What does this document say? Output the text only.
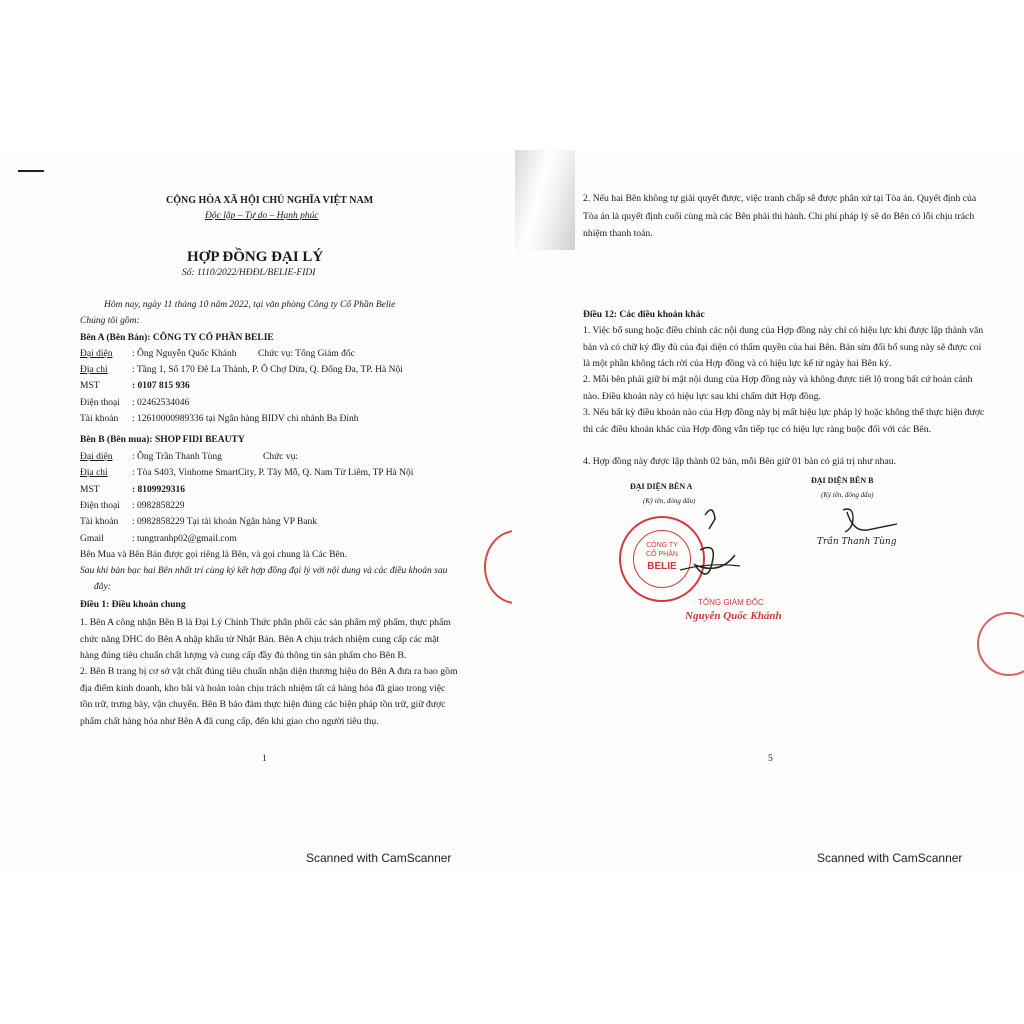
CỘNG HÒA XÃ HỘI CHỦ NGHĨA VIỆT NAM
Độc lập – Tự do – Hạnh phúc
HỢP ĐỒNG ĐẠI LÝ
Số: 1110/2022/HĐĐL/BELIE-FIDI
Hôm nay, ngày 11 tháng 10 năm 2022, tại văn phòng Công ty Cổ Phần Belie
Chúng tôi gồm:
Bên A (Bên Bán): CÔNG TY CỔ PHẦN BELIE
Đại diện : Ông Nguyễn Quốc Khánh Chức vụ: Tổng Giám đốc
Địa chỉ	: Tầng 1, Số 170 Đê La Thành, P. Ô Chợ Dừa, Q. Đống Đa, TP. Hà Nội
MST	: 0107 815 936
Điện thoại : 02462534046
Tài khoản : 12610000989336 tại Ngân hàng BIDV chi nhánh Ba Đình
Bên B (Bên mua): SHOP FIDI BEAUTY
Đại diện : Ông Trần Thanh Tùng	Chức vụ:
Địa chỉ	: Tòa S403, Vinhome SmartCity, P. Tây Mỗ, Q. Nam Từ Liêm, TP Hà Nội
MST	: 8109929316
Điện thoại : 0982858229
Tài khoản : 0982858229 Tại tài khoản Ngân hàng VP Bank
Gmail	: tungtranhp02@gmail.com
Bên Mua và Bên Bán được gọi riêng là Bên, và gọi chung là Các Bên.
Sau khi bàn bạc hai Bên nhất trí cùng ký kết hợp đồng đại lý với nội dung và các điều khoản sau
đây:
Điều 1: Điều khoản chung
1. Bên A công nhận Bên B là Đại Lý Chính Thức phân phối các sản phẩm mỹ phẩm, thực phẩm chức năng DHC do Bên A nhập khẩu từ Nhật Bản. Bên A chịu trách nhiệm cung cấp các mặt hàng đúng tiêu chuẩn chất lượng và cung cấp đầy đủ thông tin sản phẩm cho Bên B.
2. Bên B trang bị cơ sở vật chất đúng tiêu chuẩn nhận diện thương hiệu do Bên A đưa ra bao gồm địa điểm kinh doanh, kho bãi và hoàn toàn chịu trách nhiệm tất cả hàng hóa đã giao trong việc tồn trữ, trưng bày, vận chuyển. Bên B bảo đảm thực hiện đúng các biện pháp tồn trữ, giữ được phẩm chất hàng hóa như Bên A đã cung cấp, đến khi giao cho người tiêu thụ.
1
Scanned with CamScanner
2. Nếu hai Bên không tự giải quyết được, việc tranh chấp sẽ được phân xử tại Tòa án. Quyết định của Tòa án là quyết định cuối cùng mà các Bên phải thi hành. Chi phí pháp lý sẽ do Bên có lỗi chịu trách nhiệm thanh toán.
Điều 12: Các điều khoản khác
1. Việc bổ sung hoặc điều chỉnh các nội dung của Hợp đồng này chỉ có hiệu lực khi được lập thành văn bản và có chữ ký đầy đủ của đại diện có thẩm quyền của hai Bên. Bản sửa đổi bổ sung này sẽ được coi là một phần không tách rời của Hợp đồng và có hiệu lực kể từ ngày hai Bên ký.
2. Mỗi bên phải giữ bí mật nội dung của Hợp đồng này và không được tiết lộ trong bất cứ hoàn cảnh nào. Điều khoản này có hiệu lực sau khi chấm dứt Hợp đồng.
3. Nếu bất kỳ điều khoản nào của Hợp đồng này bị mất hiệu lực pháp lý hoặc không thể thực hiện được thì các điều khoản khác của Hợp đồng vẫn tiếp tục có hiệu lực ràng buộc đối với các Bên.
4. Hợp đồng này được lập thành 02 bản, mỗi Bên giữ 01 bản có giá trị như nhau.
ĐẠI DIỆN BÊN A
(Ký tên, đóng dấu)
ĐẠI DIỆN BÊN B
(Ký tên, đóng dấu)
CÔNG TY
CỔ PHẦN
BELIE
TỔNG GIÁM ĐỐC
Nguyễn Quốc Khánh
Trần Thanh Tùng
5
Scanned with CamScanner
